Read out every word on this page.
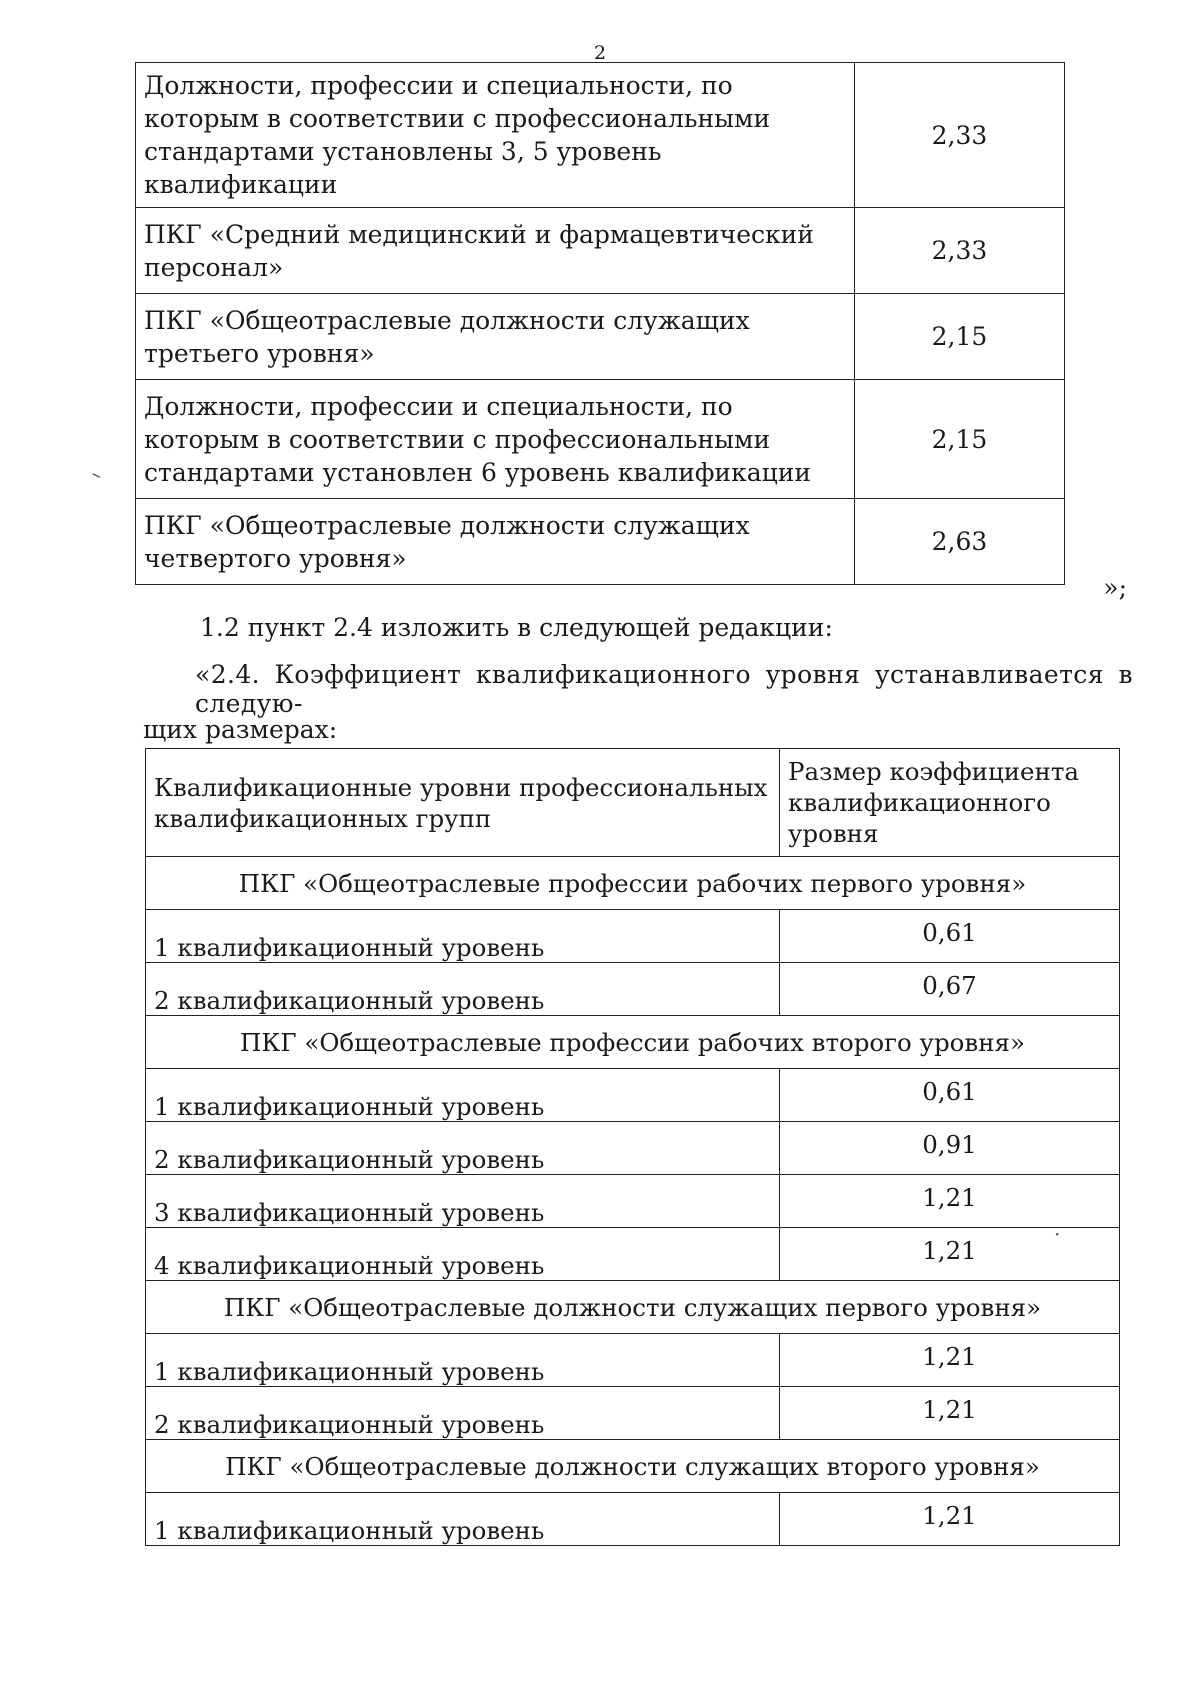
2
Должности, профессии и специальности, по которым в соответствии с профессиональными стандартами установлены 3, 5 уровень квалификации	2,33
ПКГ «Средний медицинский и фармацевтический персонал»	2,33
ПКГ «Общеотраслевые должности служащих третьего уровня»	2,15
Должности, профессии и специальности, по которым в соответствии с профессиональными стандартами установлен 6 уровень квалификации	2,15
ПКГ «Общеотраслевые должности служащих четвертого уровня»	2,63
»;
1.2 пункт 2.4 изложить в следующей редакции:
«2.4. Коэффициент квалификационного уровня устанавливается в следую-
щих размерах:
Квалификационные уровни профессиональных квалификационных групп	Размер коэффициента квалификационного уровня
ПКГ «Общеотраслевые профессии рабочих первого уровня»	
1 квалификационный уровень	0,61
2 квалификационный уровень	0,67
ПКГ «Общеотраслевые профессии рабочих второго уровня»	
1 квалификационный уровень	0,61
2 квалификационный уровень	0,91
3 квалификационный уровень	1,21
4 квалификационный уровень	1,21
ПКГ «Общеотраслевые должности служащих первого уровня»	
1 квалификационный уровень	1,21
2 квалификационный уровень	1,21
ПКГ «Общеотраслевые должности служащих второго уровня»	
1 квалификационный уровень	1,21
–
·
